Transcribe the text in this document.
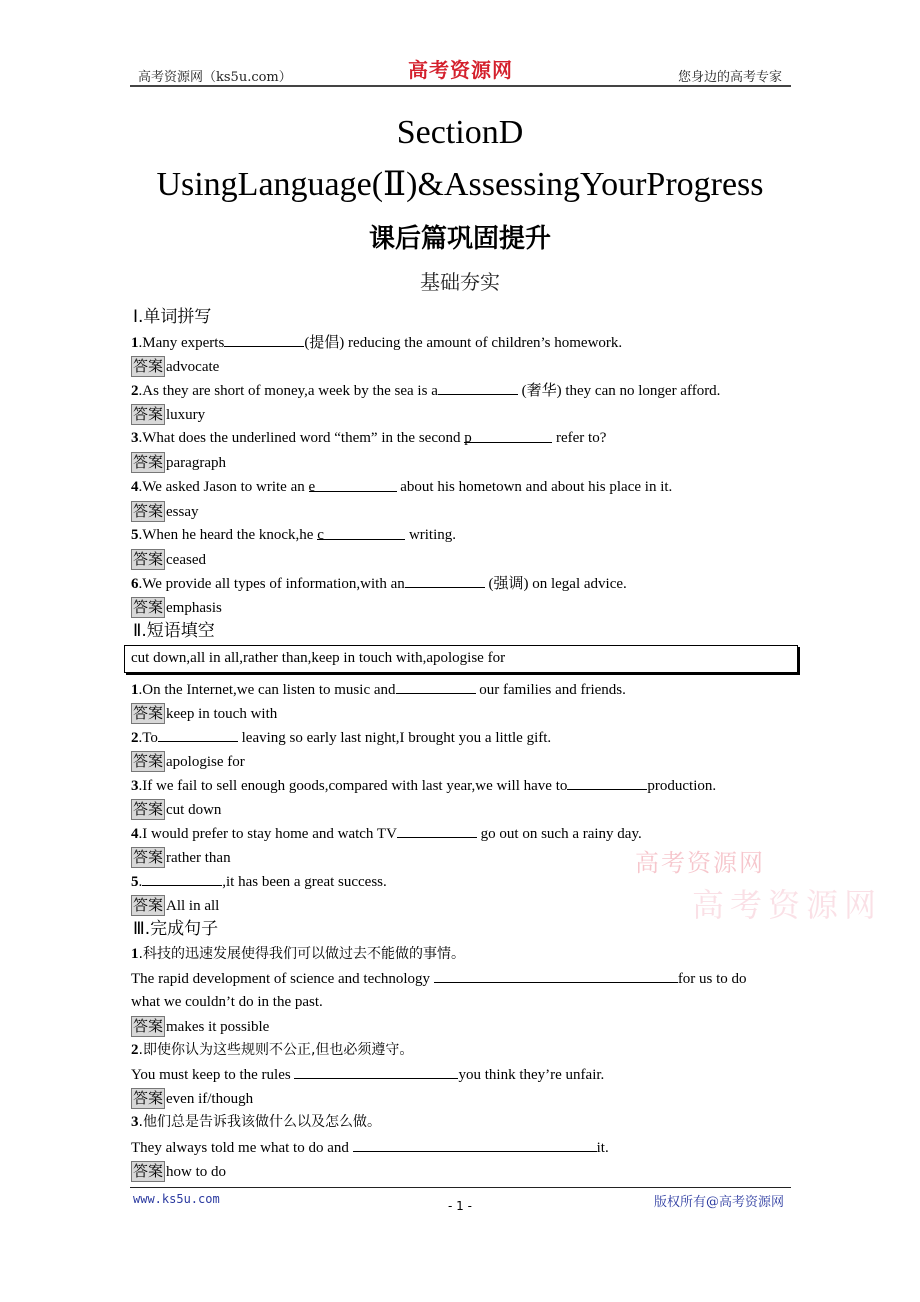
高考资源网（ks5u.com）	高考资源网	您身边的高考专家
SectionD
UsingLanguage(Ⅱ)&AssessingYourProgress
课后篇巩固提升
基础夯实
Ⅰ.单词拼写
1.Many experts	(提倡) reducing the amount of children’s homework.
答案 advocate
2.As they are short of money,a week by the sea is a	(奢华) they can no longer afford.
答案 luxury
3.What does the underlined word “them” in the second p	refer to?
答案 paragraph
4.We asked Jason to write an e	about his hometown and about his place in it.
答案 essay
5.When he heard the knock,he c	writing.
答案 ceased
6.We provide all types of information,with an	(强调) on legal advice.
答案 emphasis
Ⅱ.短语填空
cut down,all in all,rather than,keep in touch with,apologise for
1.On the Internet,we can listen to music and	our families and friends.
答案 keep in touch with
2.To	leaving so early last night,I brought you a little gift.
答案 apologise for
3.If we fail to sell enough goods,compared with last year,we will have to	production.
答案 cut down
4.I would prefer to stay home and watch TV	go out on such a rainy day.
答案 rather than
5.	,it has been a great success.
答案 All in all
高考资源网
高考资源网
Ⅲ.完成句子
1.科技的迅速发展使得我们可以做过去不能做的事情。
The rapid development of science and technology	for us to do
what we couldn’t do in the past.
答案 makes it possible
2.即使你认为这些规则不公正,但也必须遵守。
You must keep to the rules	you think they’re unfair.
答案 even if/though
3.他们总是告诉我该做什么以及怎么做。
They always told me what to do and	it.
答案 how to do
www.ks5u.com	- 1 -	版权所有@高考资源网
